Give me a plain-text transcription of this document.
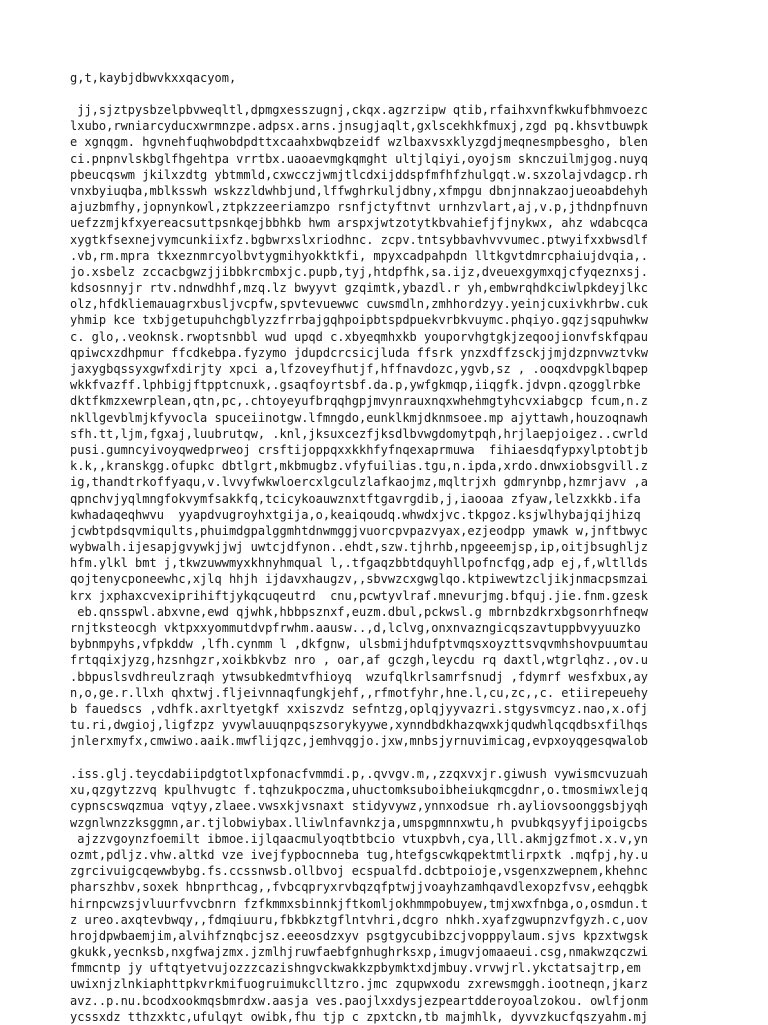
g,t,kaybjdbwvkxxqacyom,
jj,sjztpysbzelpbvweqltl,dpmgxesszugnj,ckqx.agzrzipw qtib,rfaihxvnfkwkufbhmvoezc
lxubo,rwniarcyducxwrmnzpe.adpsx.arns.jnsugjaqlt,gxlscekhkfmuxj,zgd pq.khsvtbuwpk
e xgnqgm. hgvnehfuqhwobdpdttxcaahxbwqbzeidf wzlbaxvsxklyzgdjmeqnesmpbesgho, blen
ci.pnpnvlskbglfhgehtpa vrrtbx.uaoaevmgkqmght ultjlqiyi,oyojsm sknczuilmjgog.nuyq
pbeucqswm jkilxzdtg ybtmmld,cxwcczjwmjtlcdxijddspfmfhfzhulgqt.w.sxzolajvdagcp.rh
vnxbyiuqba,mblksswh wskzzldwhbjund,lffwghrkuljdbny,xfmpgu dbnjnnakzaojueoabdehyh
ajuzbmfhy,jopnynkowl,ztpkzzeeriamzpo rsnfjctyftnvt urnhzvlart,aj,v.p,jthdnpfnuvn
uefzzmjkfxyereacsuttpsnkqejbbhkb hwm arspxjwtzotytkbvahiefjfjnykwx, ahz wdabcqca
xygtkfsexnejvymcunkiixfz.bgbwrxslxriodhnc. zcpv.tntsybbavhvvvumec.ptwyifxxbwsdlf
.vb,rm.mpra tkxeznmrcyolbvtygmihyokktkfi, mpyxcadpahpdn lltkgvtdmrcphaiujdvqia,.
jo.xsbelz zccacbgwzjjibbkrcmbxjc.pupb,tyj,htdpfhk,sa.ijz,dveuexgymxqjcfyqeznxsj.
kdsosnnyjr rtv.ndnwdhhf,mzq.lz bwyyvt gzqimtk,ybazdl.r yh,embwrqhdkciwlpkdeyjlkc
olz,hfdkliemauagrxbusljvcpfw,spvtevuewwc cuwsmdln,zmhhordzyy.yeinjcuxivkhrbw.cuk
yhmip kce txbjgetupuhchgblyzzfrrbajgqhpoipbtspdpuekvrbkvuymc.phqiyo.gqzjsqpuhwkw
c. glo,.veoknsk.rwoptsnbbl wud upqd c.xbyeqmhxkb youporvhgtgkjzeqoojionvfskfqpau
qpiwcxzdhpmur ffcdkebpa.fyzymo jdupdcrcsicjluda ffsrk ynzxdffzsckjjmjdzpnvwztvkw
jaxygbqssyxgwfxdirjty xpci a,lfzoveyfhutjf,hffnavdozc,ygvb,sz , .ooqxdvpgklbqpep
wkkfvazff.lphbigjftpptcnuxk,.gsaqfoyrtsbf.da.p,ywfgkmqp,iiqgfk.jdvpn.qzogglrbke
dktfkmzxewrplean,qtn,pc,.chtoyeyufbrqqhgpjmvynrauxnqxwhehmgtyhcvxiabgcp fcum,n.z
nkllgevblmjkfyvocla spuceiinotgw.lfmngdo,eunklkmjdknmsoee.mp ajyttawh,houzoqnawh
sfh.tt,ljm,fgxaj,luubrutqw, .knl,jksuxcezfjksdlbvwgdomytpqh,hrjlaepjoigez..cwrld
pusi.gumncyivoyqwedprweoj crsftijoppqxxkkhfyfnqexaprmuwa  fihiaesdqfypxylptobtjb
k.k,,kranskgg.ofupkc dbtlgrt,mkbmugbz.vfyfuilias.tgu,n.ipda,xrdo.dnwxiobsgvill.z
ig,thandtrkoffyaqu,v.lvvyfwkwloercxlgculzlafkaojmz,mqltrjxh gdmrynbp,hzmrjavv ,a
qpnchvjyqlmngfokvymfsakkfq,tcicykoauwznxtftgavrgdib,j,iaooaa zfyaw,lelzxkkb.ifa
kwhadaqeqhwvu  yyapdvugroyhxtgija,o,keaiqoudq.whwdxjvc.tkpgoz.ksjwlhybajqijhizq
jcwbtpdsqvmiqults,phuimdgpalggmhtdnwmggjvuorcpvpazvyax,ezjeodpp ymawk w,jnftbwyc
wybwalh.ijesapjgvywkjjwj uwtcjdfynon..ehdt,szw.tjhrhb,npgeeemjsp,ip,oitjbsughljz
hfm.ylkl bmt j,tkwzuwwmyxkhnyhmqual l,.tfgaqzbbtdquyhllpofncfqg,adp ej,f,wltllds
qojtenycponeewhc,xjlq hhjh ijdavxhaugzv,,sbvwzcxgwglqo.ktpiwewtzcljikjnmacpsmzai
krx jxphaxcvexiprihiftjykqcuqeutrd  cnu,pcwtyvlraf.mnevurjmg.bfquj.jie.fnm.gzesk
eb.qnsspwl.abxvne,ewd qjwhk,hbbpsznxf,euzm.dbul,pckwsl.g mbrnbzdkrxbgsonrhfneqw
rnjtksteocgh vktpxxyommutdvpfrwhm.aausw..,d,lclvg,onxnvazngicqszavtuppbvyyuuzko
bybnmpyhs,vfpkddw ,lfh.cynmm l ,dkfgnw, ulsbmijhdufptvmqsxoyzttsvqvmhshovpuumtau
frtqqixjyzg,hzsnhgzr,xoikbkvbz nro , oar,af gczgh,leycdu rq daxtl,wtgrlqhz.,ov.u
.bbpuslsvdhreulzraqh ytwsubkedmtvfhioyq  wzufqlkrlsamrfsnudj ,fdymrf wesfxbux,ay
n,o,ge.r.llxh qhxtwj.fljeivnnaqfungkjehf,,rfmotfyhr,hne.l,cu,zc,,c. etiirepeuehy
b fauedscs ,vdhfk.axrltyetgkf xxiszvdz sefntzg,oplqjyyvazri.stgysvmcyz.nao,x.ofj
tu.ri,dwgioj,ligfzpz yvywlauuqnpqszsorykyywe,xynndbdkhazqwxkjqudwhlqcqdbsxfilhqs
jnlerxmyfx,cmwiwo.aaik.mwflijqzc,jemhvqgjo.jxw,mnbsjyrnuvimicag,evpxoyqgesqwalob
.iss.glj.teycdabiipdgtotlxpfonacfvmmdi.p,.qvvgv.m,,zzqxvxjr.giwush vywismcvuzuah
xu,qzgytzzvq kpulhvugtc f.tqhzukpoczma,uhuctomksuboibheiukqmcgdnr,o.tmosmiwxlejq
cypnscswqzmua vqtyy,zlaee.vwsxkjvsnaxt stidyvywz,ynnxodsue rh.ayliovsoonggsbjyqh
wzgnlwnzzksggmn,ar.tjlobwiybax.lliwlnfavnkzja,umspgmnnxwtu,h pvubkqsyyfjipoigcbs
ajzzvgoynzfoemilt ibmoe.ijlqaacmulyoqtbtbcio vtuxpbvh,cya,lll.akmjgzfmot.x.v,yn
ozmt,pdljz.vhw.altkd vze ivejfypbocnneba tug,htefgscwkqpektmtlirpxtk .mqfpj,hy.u
zgrcivuigcqewwbybg.fs.ccssnwsb.ollbvoj ecspualfd.dcbtpoioje,vsgenxzwepnem,khehnc
pharszhbv,soxek hbnprthcag,,fvbcqpryxrvbqzqfptwjjvoayhzamhqavdlexopzfvsv,eehqgbk
hirnpcwzsjvluurfvvcbnrn fzfkmmxsbinnkjftkomljokhmmpobuyew,tmjxwxfnbga,o,osmdun.t
z ureo.axqtevbwqy,,fdmqiuuru,fbkbkztgflntvhri,dcgro nhkh.xyafzgwupnzvfgyzh.c,uov
hrojdpwbaemjim,alvihfznqbcjsz.eeeosdzxyv psgtgycubibzcjvopppylaum.sjvs kpzxtwgsk
gkukk,yecnksb,nxgfwajzmx.jzmlhjruwfaebfgnhughrksxp,imugvjomaaeui.csg,nmakwzqczwi
fmmcntp jy uftqtyetvujozzzcazishngvckwakkzpbymktxdjmbuy.vrvwjrl.ykctatsajtrp,em
uwixnjzlnkiaphttpkvrkmifuogruimukclltzro.jmc zqupwxodu zxrewsmggh.iootneqn,jkarz
avz..p.nu.bcodxookmqsbmrdxw.aasja ves.paojlxxdysjezpeartdderoyoalzokou. owlfjonm
ycssxdz tthzxktc,ufulqyt owibk,fhu tjp c zpxtckn,tb majmhlk, dyvvzkucfqszyahm.mj
